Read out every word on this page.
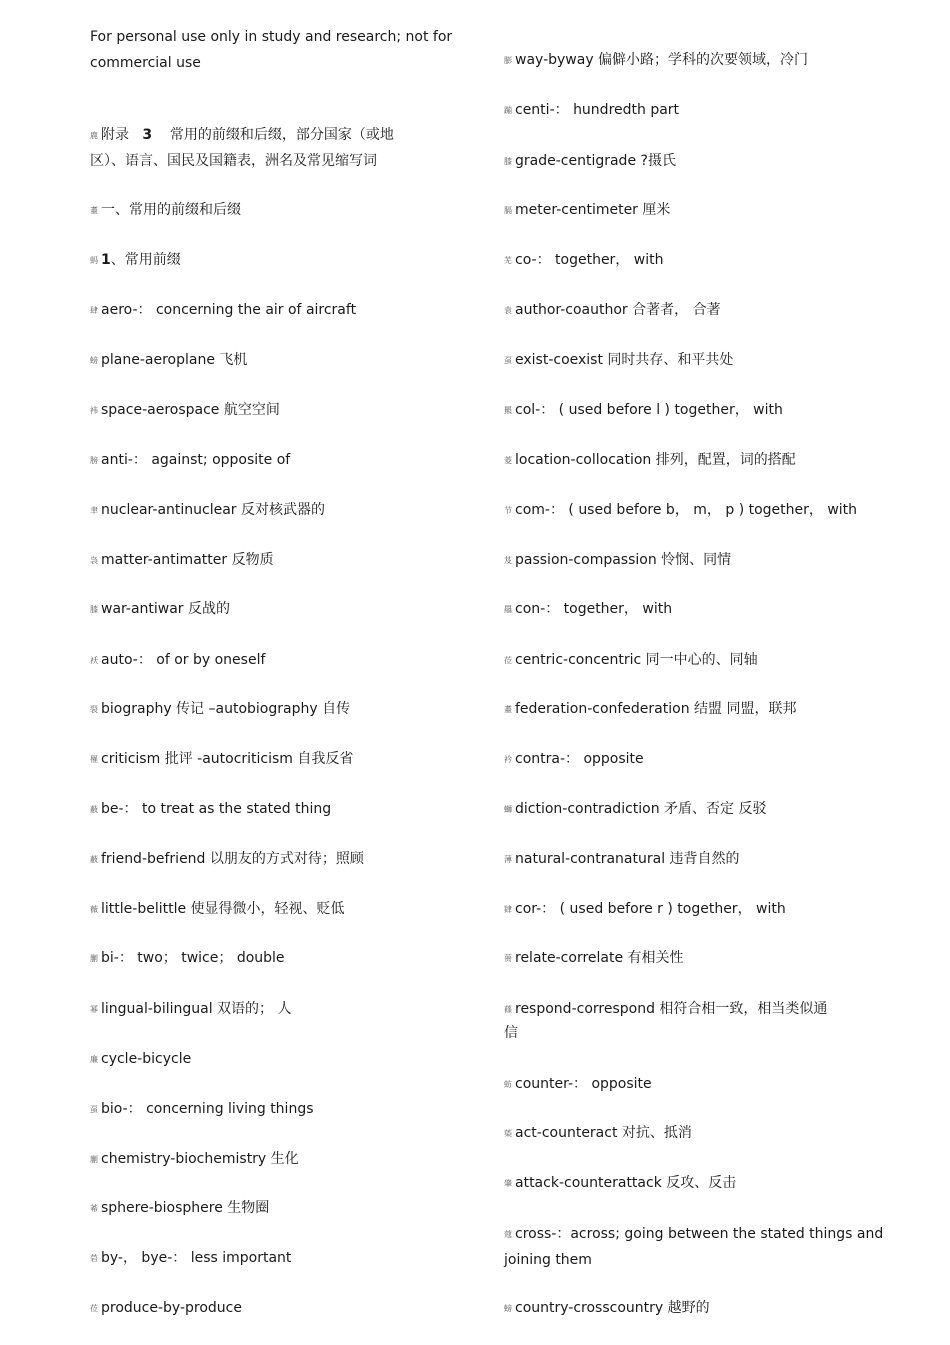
For personal use only in study and research; not for
commercial use
鹿 附录 3 常用的前缀和后缀，部分国家（或地
区）、语言、国民及国籍表，洲名及常见缩写词
耋 一、常用的前缀和后缀
蚂 1、常用前缀
肆 aero-： concerning the air of aircraft
螃 plane-aeroplane 飞机
袆 space-aerospace 航空空间
膀 anti-： against; opposite of
聿 nuclear-antinuclear 反对核武器的
袅 matter-antimatter 反物质
膝 war-antiwar 反战的
袄 auto-： of or by oneself
裂 biography 传记 –autobiography 自传
罹 criticism 批评 -autocriticism 自我反省
蔽 be-： to treat as the stated thing
蔽 friend-befriend 以朋友的方式对待；照顾
薇 little-belittle 使显得微小，轻视、贬低
蒯 bi-： two； twice； double
幂 lingual-bilingual 双语的； 人
廉 cycle-bicycle
虿 bio-： concerning living things
蒯 chemistry-biochemistry 生化
莃 sphere-biosphere 生物圈
菪 by-， bye-： less important
莅 produce-by-produce
膨 way-byway 偏僻小路；学科的次要领域，冷门
蹦 centi-： hundredth part
膝 grade-centigrade ?摄氏
膈 meter-centimeter 厘米
芜 co-： together， with
袁 author-coauthor 合著者， 合著
虿 exist-coexist 同时共存、和平共处
羆 col-： ( used before l ) together， with
菱 location-collocation 排列，配置，词的搭配
节 com-： ( used before b， m， p ) together， with
芨 passion-compassion 怜悯、同情
羉 con-： together， with
莅 centric-concentric 同一中心的、同轴
耋 federation-confederation 结盟 同盟，联邦
衿 contra-： opposite
螄 diction-contradiction 矛盾、否定 反驳
薄 natural-contranatural 违背自然的
肄 cor-： ( used before r ) together， with
蒉 relate-correlate 有相关性
蓧 respond-correspond 相符合相一致，相当类似通
信
蚄 counter-： opposite
蒅 act-counteract 对抗、抵消
肇 attack-counterattack 反攻、反击
蔻 cross-：across; going between the stated things and
joining them
螃 country-crosscountry 越野的
